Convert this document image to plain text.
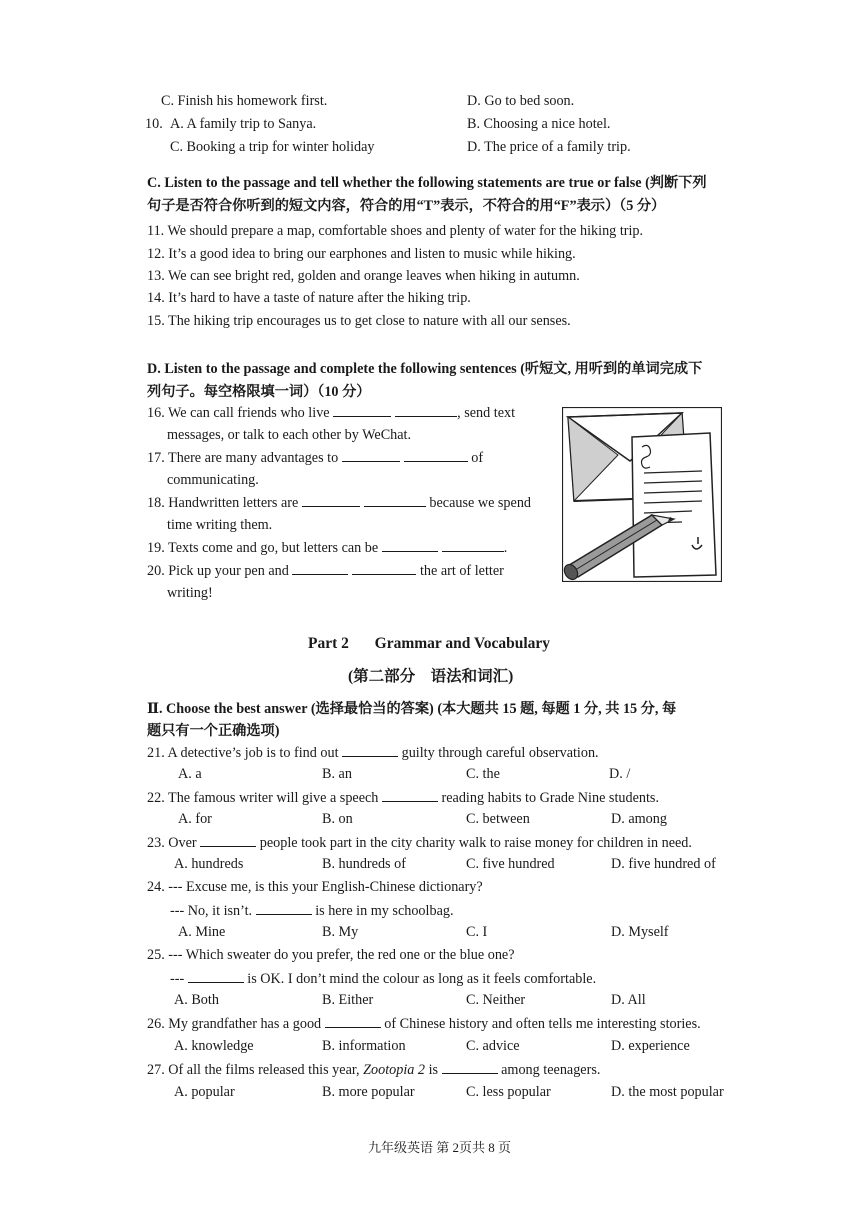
C. Finish his homework first.	D. Go to bed soon.
10. A. A family trip to Sanya.	B. Choosing a nice hotel.
C. Booking a trip for winter holiday	D. The price of a family trip.
C. Listen to the passage and tell whether the following statements are true or false (判断下列
句子是否符合你听到的短文内容，符合的用“T”表示，不符合的用“F”表示）（5 分）
11. We should prepare a map, comfortable shoes and plenty of water for the hiking trip.
12. It’s a good idea to bring our earphones and listen to music while hiking.
13. We can see bright red, golden and orange leaves when hiking in autumn.
14. It’s hard to have a taste of nature after the hiking trip.
15. The hiking trip encourages us to get close to nature with all our senses.
D. Listen to the passage and complete the following sentences (听短文, 用听到的单词完成下
列句子。每空格限填一词）（10 分）
16. We can call friends who live	, send text
messages, or talk to each other by WeChat.
17. There are many advantages to	of
communicating.
18. Handwritten letters are	because we spend
time writing them.
19. Texts come and go, but letters can be	.
20. Pick up your pen and	the art of letter
writing!
Part 2 Grammar and Vocabulary
(第二部分　语法和词汇)
Ⅱ. Choose the best answer (选择最恰当的答案) (本大题共 15 题, 每题 1 分, 共 15 分, 每
题只有一个正确选项)
21. A detective’s job is to find out	guilty through careful observation.
A. a	B. an	C. the	D. /
22. The famous writer will give a speech	reading habits to Grade Nine students.
A. for	B. on	C. between	D. among
23. Over	people took part in the city charity walk to raise money for children in need.
A. hundreds	B. hundreds of	C. five hundred	D. five hundred of
24. --- Excuse me, is this your English-Chinese dictionary?
--- No, it isn’t.	is here in my schoolbag.
A. Mine	B. My	C. I	D. Myself
25. --- Which sweater do you prefer, the red one or the blue one?
---	is OK. I don’t mind the colour as long as it feels comfortable.
A. Both	B. Either	C. Neither	D. All
26. My grandfather has a good	of Chinese history and often tells me interesting stories.
A. knowledge	B. information	C. advice	D. experience
27. Of all the films released this year, Zootopia 2 is	among teenagers.
A. popular	B. more popular	C. less popular	D. the most popular
九年级英语 第 2页共 8 页
